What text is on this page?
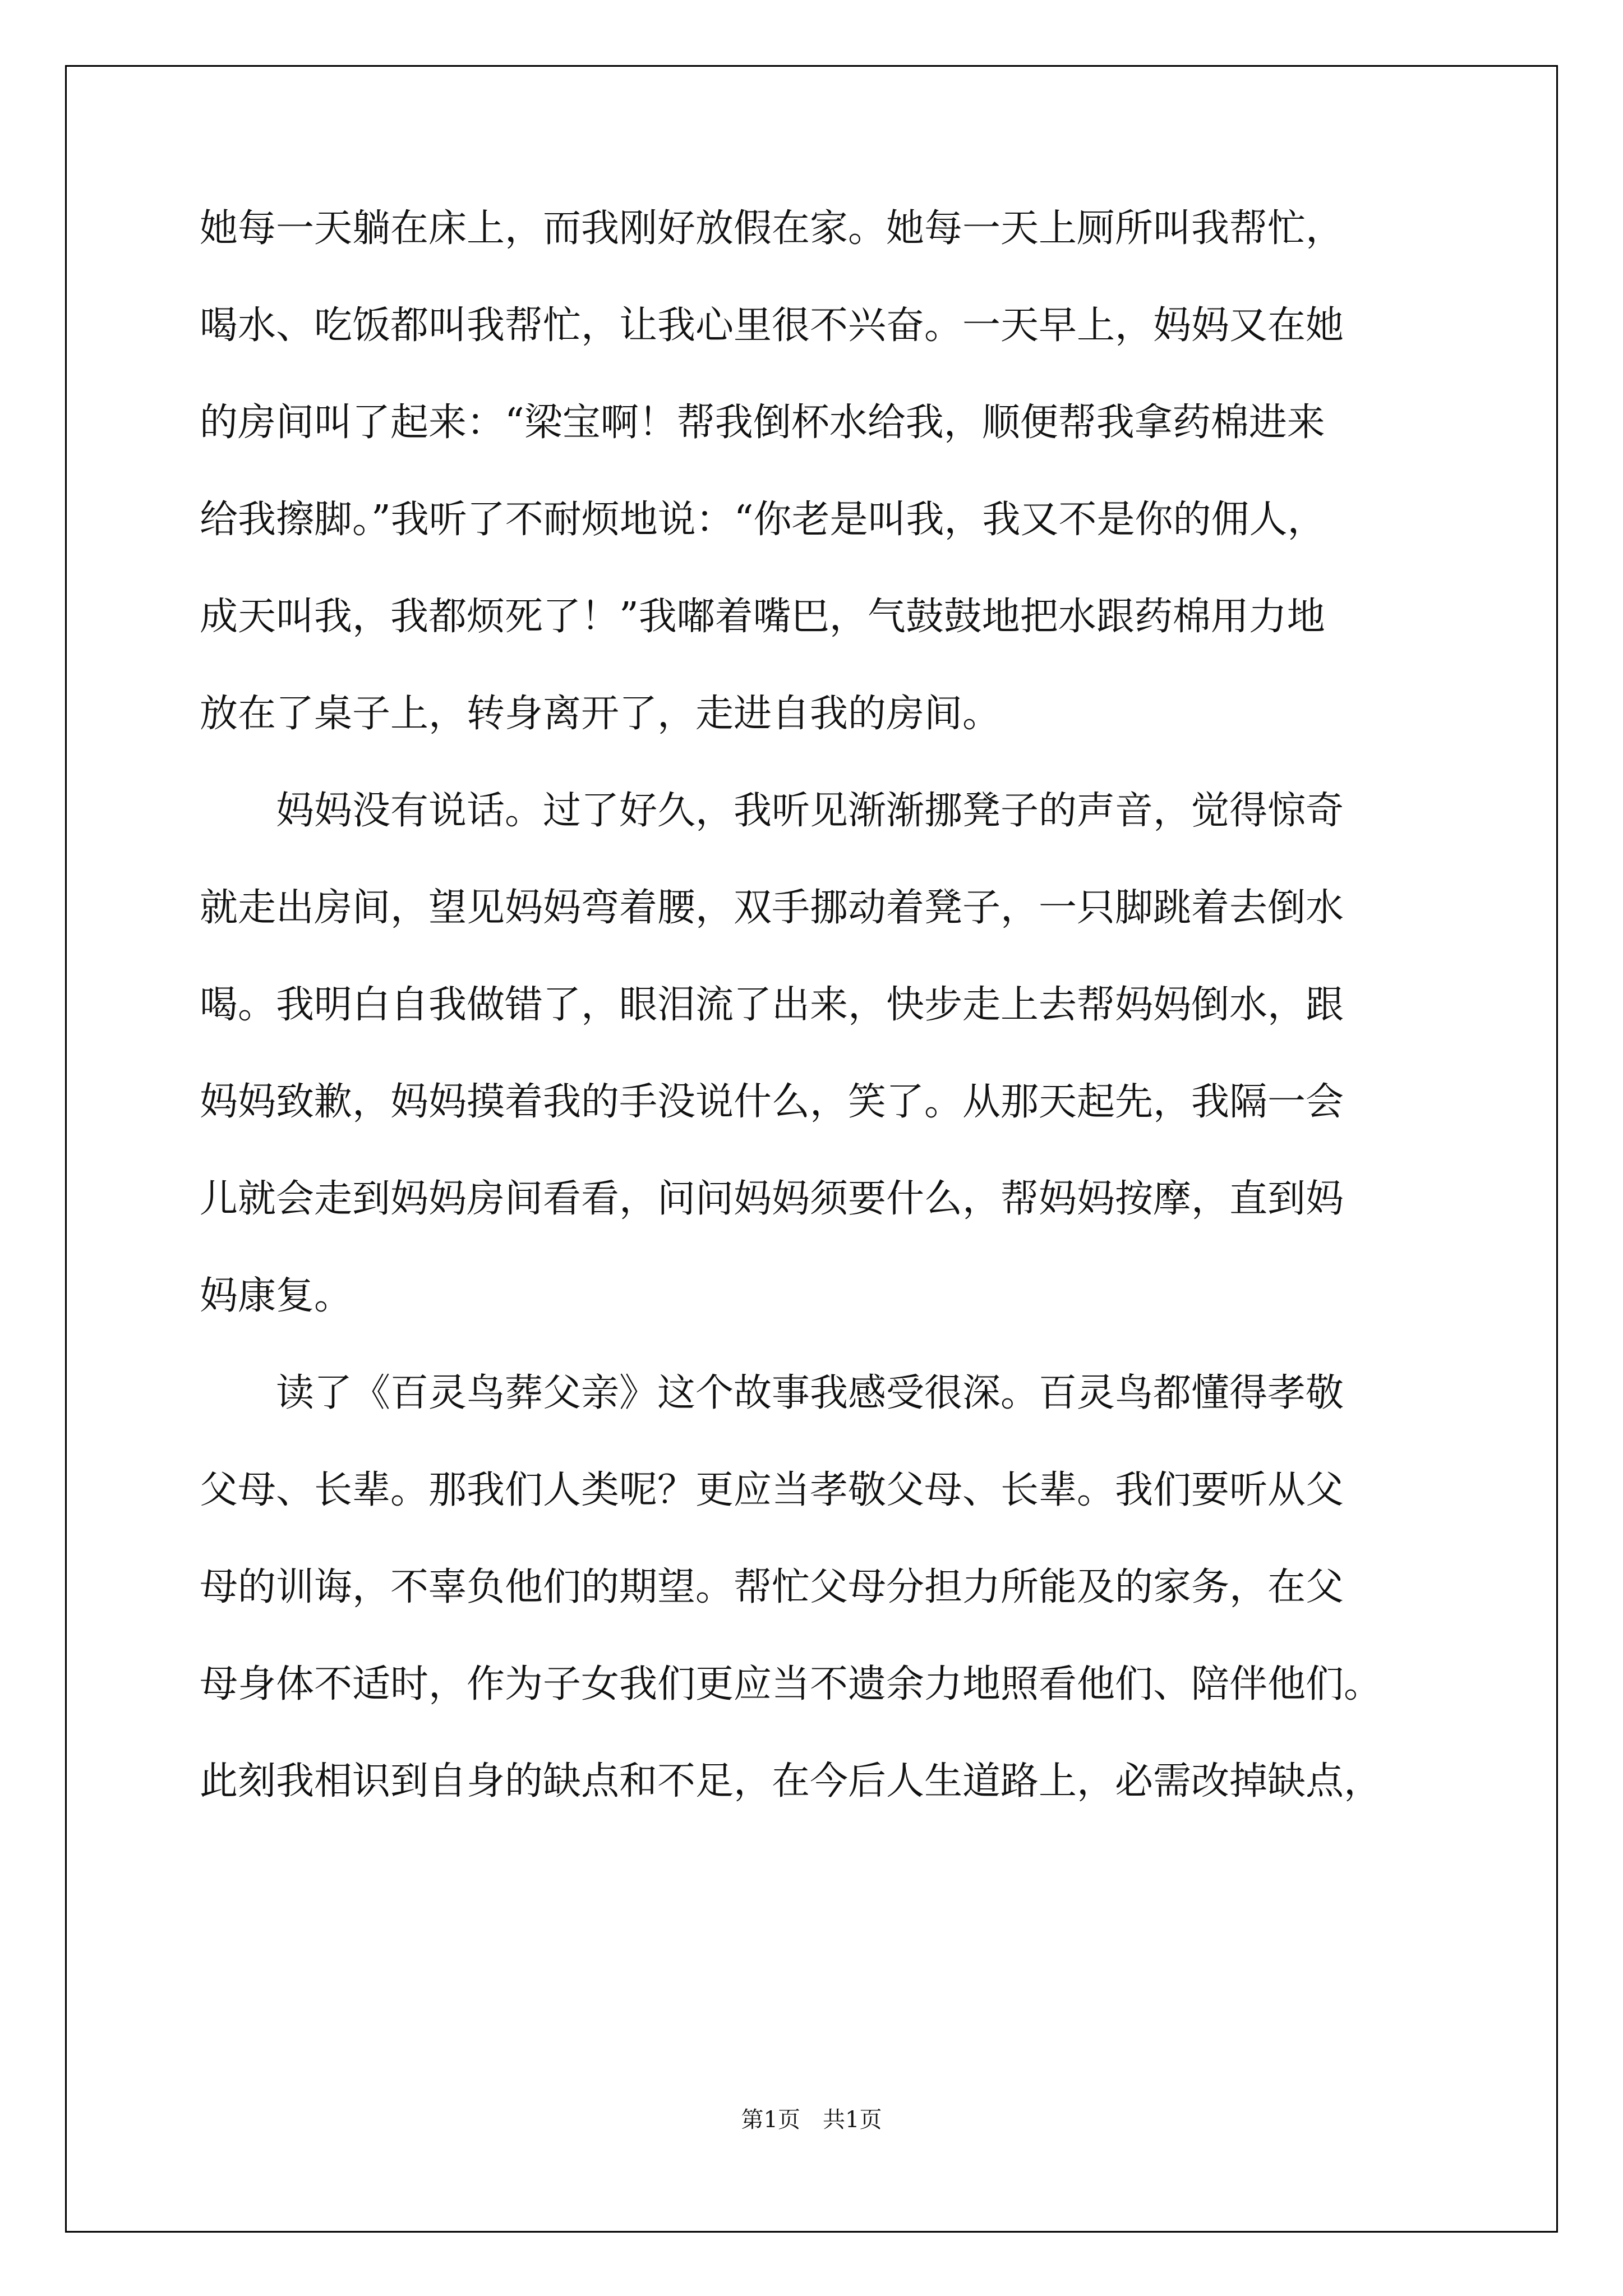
她每一天躺在床上，而我刚好放假在家。她每一天上厕所叫我帮忙，
喝水、吃饭都叫我帮忙，让我心里很不兴奋。一天早上，妈妈又在她
的房间叫了起来：“梁宝啊！帮我倒杯水给我，顺便帮我拿药棉进来
给我擦脚。”我听了不耐烦地说：“你老是叫我，我又不是你的佣人，
成天叫我，我都烦死了！”我嘟着嘴巴，气鼓鼓地把水跟药棉用力地
放在了桌子上，转身离开了，走进自我的房间。
妈妈没有说话。过了好久，我听见渐渐挪凳子的声音，觉得惊奇
就走出房间，望见妈妈弯着腰，双手挪动着凳子，一只脚跳着去倒水
喝。我明白自我做错了，眼泪流了出来，快步走上去帮妈妈倒水，跟
妈妈致歉，妈妈摸着我的手没说什么，笑了。从那天起先，我隔一会
儿就会走到妈妈房间看看，问问妈妈须要什么，帮妈妈按摩，直到妈
妈康复。
读了《百灵鸟葬父亲》这个故事我感受很深。百灵鸟都懂得孝敬
父母、长辈。那我们人类呢？更应当孝敬父母、长辈。我们要听从父
母的训诲，不辜负他们的期望。帮忙父母分担力所能及的家务，在父
母身体不适时，作为子女我们更应当不遗余力地照看他们、陪伴他们。
此刻我相识到自身的缺点和不足，在今后人生道路上，必需改掉缺点，
第1页　共1页
